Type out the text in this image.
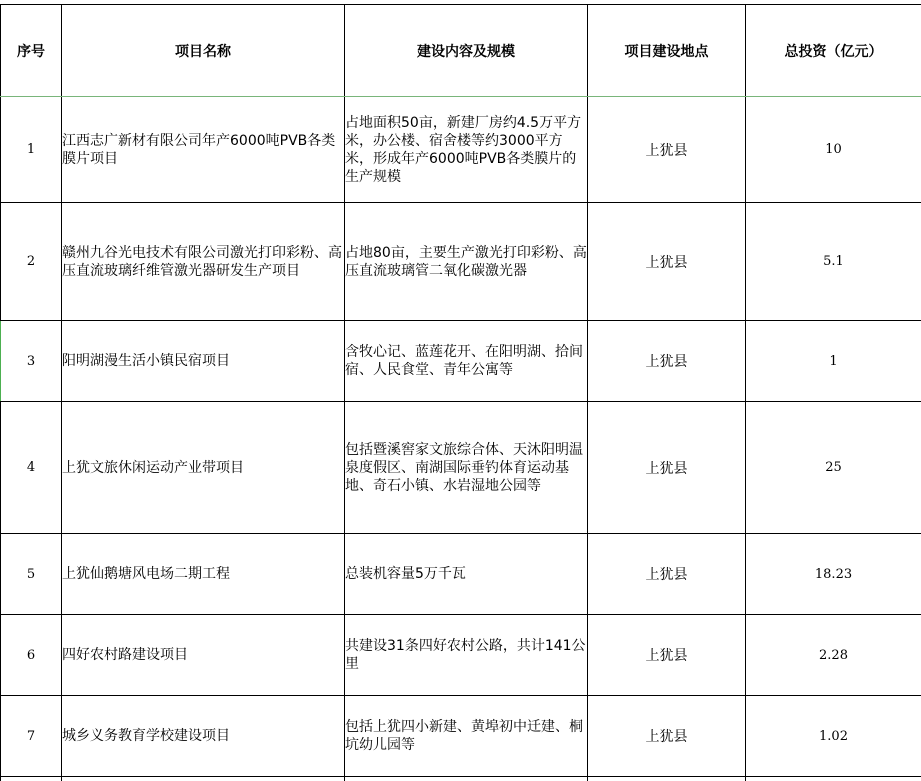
序号	项目名称	建设内容及规模	项目建设地点	总投资（亿元）
1	江西志广新材有限公司年产6000吨PVB各类膜片项目	占地面积50亩，新建厂房约4.5万平方米，办公楼、宿舍楼等约3000平方米，形成年产6000吨PVB各类膜片的生产规模	上犹县	10
2	赣州九谷光电技术有限公司激光打印彩粉、高压直流玻璃纤维管激光器研发生产项目	占地80亩，主要生产激光打印彩粉、高压直流玻璃管二氧化碳激光器	上犹县	5.1
3	阳明湖漫生活小镇民宿项目	含牧心记、蓝莲花开、在阳明湖、拾间宿、人民食堂、青年公寓等	上犹县	1
4	上犹文旅休闲运动产业带项目	包括暨溪窖家文旅综合体、天沐阳明温泉度假区、南湖国际垂钓体育运动基地、奇石小镇、水岩湿地公园等	上犹县	25
5	上犹仙鹅塘风电场二期工程	总装机容量5万千瓦	上犹县	18.23
6	四好农村路建设项目	共建设31条四好农村公路，共计141公里	上犹县	2.28
7	城乡义务教育学校建设项目	包括上犹四小新建、黄埠初中迁建、桐坑幼儿园等	上犹县	1.02
